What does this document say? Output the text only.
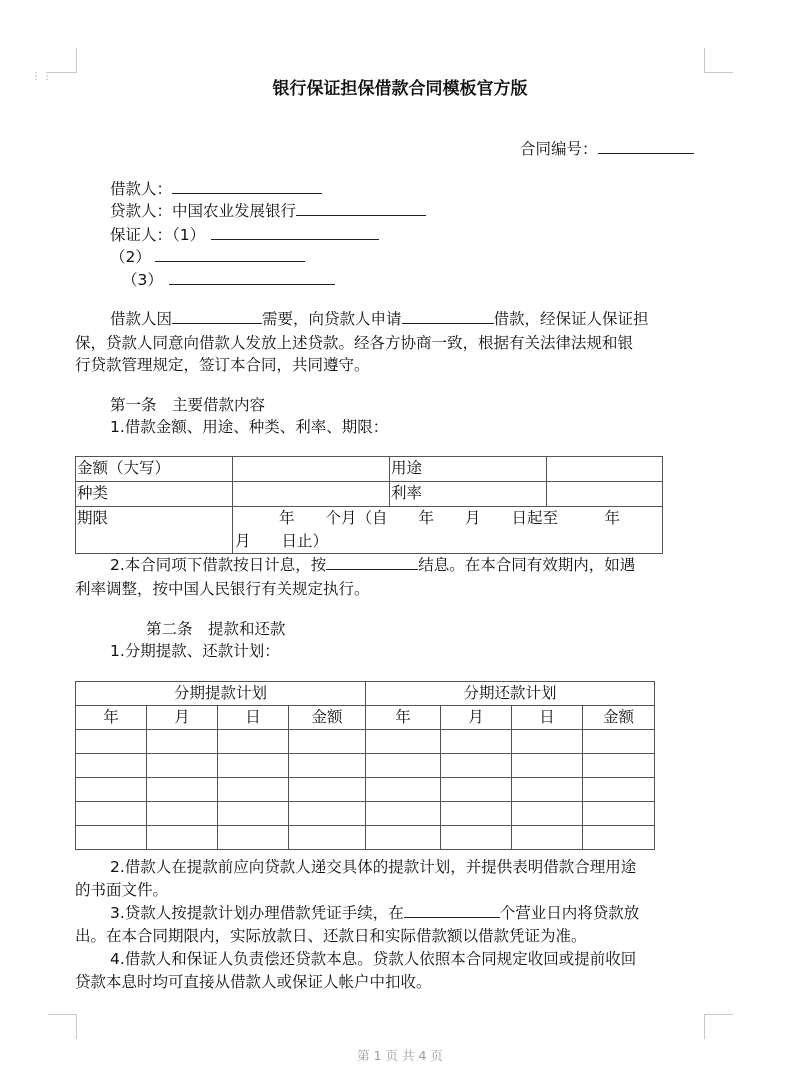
⋮⋮
银行保证担保借款合同模板官方版
合同编号：
借款人：
贷款人：中国农业发展银行
保证人：（1）
（2）
（3）
借款人因	需要，向贷款人申请	借款，经保证人保证担
保，贷款人同意向借款人发放上述贷款。经各方协商一致，根据有关法律法规和银
行贷款管理规定，签订本合同，共同遵守。
第一条　主要借款内容
1.借款金额、用途、种类、利率、期限：
金额（大写）		用途	
种类		利率	
期限	年　　个月（自　　年　　月　　日起至　　　年
月　　日止）		
2.本合同项下借款按日计息，按	结息。在本合同有效期内，如遇
利率调整，按中国人民银行有关规定执行。
第二条　提款和还款
1.分期提款、还款计划：
分期提款计划				分期还款计划			
年	月	日	金额	年	月	日	金额

2.借款人在提款前应向贷款人递交具体的提款计划，并提供表明借款合理用途
的书面文件。
3.贷款人按提款计划办理借款凭证手续，在	个营业日内将贷款放
出。在本合同期限内，实际放款日、还款日和实际借款额以借款凭证为准。
4.借款人和保证人负责偿还贷款本息。贷款人依照本合同规定收回或提前收回
贷款本息时均可直接从借款人或保证人帐户中扣收。
第 1 页 共 4 页
